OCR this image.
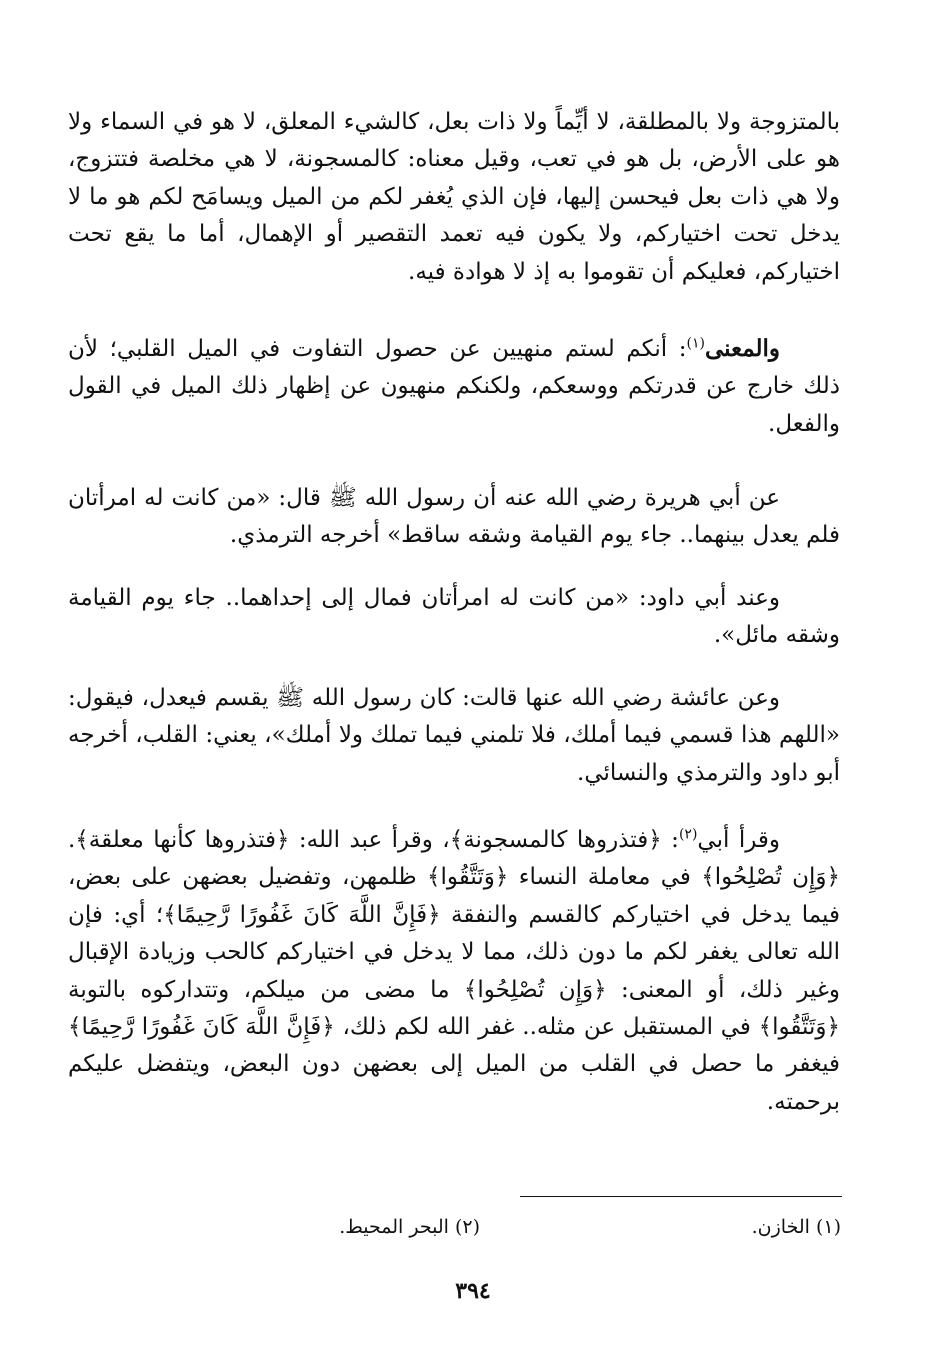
بالمتزوجة ولا بالمطلقة، لا أيِّماً ولا ذات بعل، كالشيء المعلق، لا هو في السماء ولا هو على الأرض، بل هو في تعب، وقيل معناه: كالمسجونة، لا هي مخلصة فتتزوج، ولا هي ذات بعل فيحسن إليها، فإن الذي يُغفر لكم من الميل ويسامَح لكم هو ما لا يدخل تحت اختياركم، ولا يكون فيه تعمد التقصير أو الإهمال، أما ما يقع تحت اختياركم، فعليكم أن تقوموا به إذ لا هوادة فيه.

والمعنى$^{(١)}$: أنكم لستم منهيين عن حصول التفاوت في الميل القلبي؛ لأن ذلك خارج عن قدرتكم ووسعكم، ولكنكم منهيون عن إظهار ذلك الميل في القول والفعل.

عن أبي هريرة رضي الله عنه أن رسول الله ﷺ قال: «من كانت له امرأتان فلم يعدل بينهما.. جاء يوم القيامة وشقه ساقط» أخرجه الترمذي.

وعند أبي داود: «من كانت له امرأتان فمال إلى إحداهما.. جاء يوم القيامة وشقه مائل».

وعن عائشة رضي الله عنها قالت: كان رسول الله ﷺ يقسم فيعدل، فيقول: «اللهم هذا قسمي فيما أملك، فلا تلمني فيما تملك ولا أملك»، يعني: القلب، أخرجه أبو داود والترمذي والنسائي.

وقرأ أبي$^{(٢)}$: ﴿فتذروها كالمسجونة﴾، وقرأ عبد الله: ﴿فتذروها كأنها معلقة﴾. ﴿وَإِن تُصْلِحُوا﴾ في معاملة النساء ﴿وَتَتَّقُوا﴾ ظلمهن، وتفضيل بعضهن على بعض، فيما يدخل في اختياركم كالقسم والنفقة ﴿فَإِنَّ اللَّهَ كَانَ غَفُورًا رَّحِيمًا﴾؛ أي: فإن الله تعالى يغفر لكم ما دون ذلك، مما لا يدخل في اختياركم كالحب وزيادة الإقبال وغير ذلك، أو المعنى: ﴿وَإِن تُصْلِحُوا﴾ ما مضى من ميلكم، وتتداركوه بالتوبة ﴿وَتَتَّقُوا﴾ في المستقبل عن مثله.. غفر الله لكم ذلك، ﴿فَإِنَّ اللَّهَ كَانَ غَفُورًا رَّحِيمًا﴾ فيغفر ما حصل في القلب من الميل إلى بعضهن دون البعض، ويتفضل عليكم برحمته.

(١) الخازن.
(٢) البحر المحيط.
٣٩٤
